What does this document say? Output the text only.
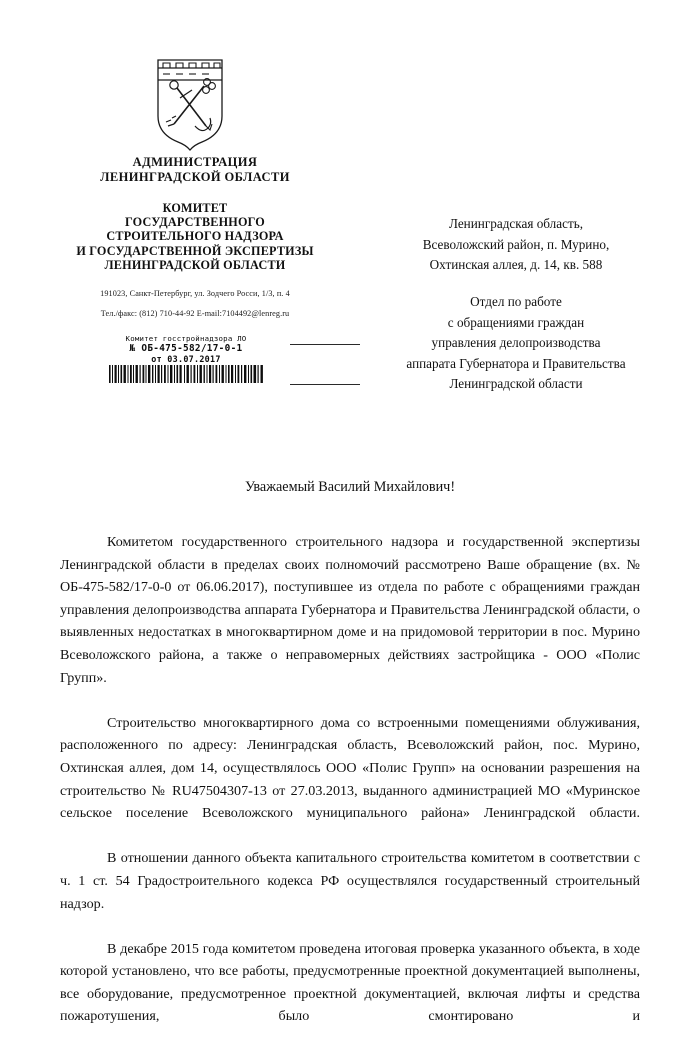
АДМИНИСТРАЦИЯ
ЛЕНИНГРАДСКОЙ ОБЛАСТИ
КОМИТЕТ
ГОСУДАРСТВЕННОГО
СТРОИТЕЛЬНОГО НАДЗОРА
И ГОСУДАРСТВЕННОЙ ЭКСПЕРТИЗЫ
ЛЕНИНГРАДСКОЙ ОБЛАСТИ
191023, Санкт-Петербург, ул. Зодчего Росси, 1/3, п. 4
Тел./факс: (812) 710-44-92 E-mail:7104492@lenreg.ru
Комитет госстройнадзора ЛО
№ ОБ-475-582/17-0-1
от 03.07.2017
Ленинградская область,
Всеволожский район, п. Мурино,
Охтинская аллея, д. 14, кв. 588
Отдел по работе
с обращениями граждан
управления делопроизводства
аппарата Губернатора и Правительства
Ленинградской области
Уважаемый Василий Михайлович!

Комитетом государственного строительного надзора и государственной экспертизы Ленинградской области в пределах своих полномочий рассмотрено Ваше обращение (вх. № ОБ-475-582/17-0-0 от 06.06.2017), поступившее из отдела по работе с обращениями граждан управления делопроизводства аппарата Губернатора и Правительства Ленинградской области, о выявленных недостатках в многоквартирном доме и на придомовой территории в пос. Мурино Всеволожского района, а также о неправомерных действиях застройщика - ООО «Полис Групп».

Строительство многоквартирного дома со встроенными помещениями облуживания, расположенного по адресу: Ленинградская область, Всеволожский район, пос. Мурино, Охтинская аллея, дом 14, осуществлялось ООО «Полис Групп» на основании разрешения на строительство № RU47504307-13 от 27.03.2013, выданного администрацией МО «Муринское сельское поселение Всеволожского муниципального района» Ленинградской области.

В отношении данного объекта капитального строительства комитетом в соответствии с ч. 1 ст. 54 Градостроительного кодекса РФ осуществлялся государственный строительный надзор.

В декабре 2015 года комитетом проведена итоговая проверка указанного объекта, в ходе которой установлено, что все работы, предусмотренные проектной документацией выполнены, все оборудование, предусмотренное проектной документацией, включая лифты и средства пожаротушения, было смонтировано и
